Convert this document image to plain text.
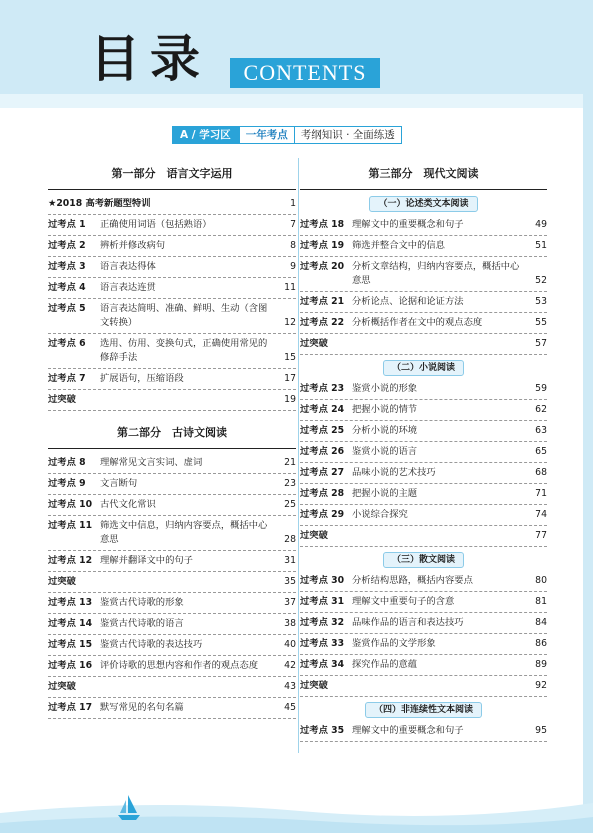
目录	CONTENTS
A / 学习区	一年考点	考纲知识 · 全面练透
第一部分　语言文字运用
★2018 高考新题型特训	1
过考点 1	正确使用词语（包括熟语）	7
过考点 2	辨析并修改病句	8
过考点 3	语言表达得体	9
过考点 4	语言表达连贯	11
过考点 5	语言表达简明、准确、鲜明、生动（含图文转换）	12
过考点 6	选用、仿用、变换句式，正确使用常见的修辞手法	15
过考点 7	扩展语句，压缩语段	17
过突破	19
第二部分　古诗文阅读
过考点 8	理解常见文言实词、虚词	21
过考点 9	文言断句	23
过考点 10 古代文化常识	25
过考点 11 筛选文中信息，归纳内容要点，概括中心意思	28
过考点 12 理解并翻译文中的句子	31
过突破	35
过考点 13 鉴赏古代诗歌的形象	37
过考点 14 鉴赏古代诗歌的语言	38
过考点 15 鉴赏古代诗歌的表达技巧	40
过考点 16 评价诗歌的思想内容和作者的观点态度	42
过突破	43
过考点 17 默写常见的名句名篇	45
第三部分　现代文阅读
（一）论述类文本阅读
过考点 18 理解文中的重要概念和句子	49
过考点 19 筛选并整合文中的信息	51
过考点 20 分析文章结构，归纳内容要点，概括中心意思	52
过考点 21 分析论点、论据和论证方法	53
过考点 22 分析概括作者在文中的观点态度	55
过突破	57
（二）小说阅读
过考点 23 鉴赏小说的形象	59
过考点 24 把握小说的情节	62
过考点 25 分析小说的环境	63
过考点 26 鉴赏小说的语言	65
过考点 27 品味小说的艺术技巧	68
过考点 28 把握小说的主题	71
过考点 29 小说综合探究	74
过突破	77
（三）散文阅读
过考点 30 分析结构思路，概括内容要点	80
过考点 31 理解文中重要句子的含意	81
过考点 32 品味作品的语言和表达技巧	84
过考点 33 鉴赏作品的文学形象	86
过考点 34 探究作品的意蕴	89
过突破	92
（四）非连续性文本阅读
过考点 35 理解文中的重要概念和句子	95
